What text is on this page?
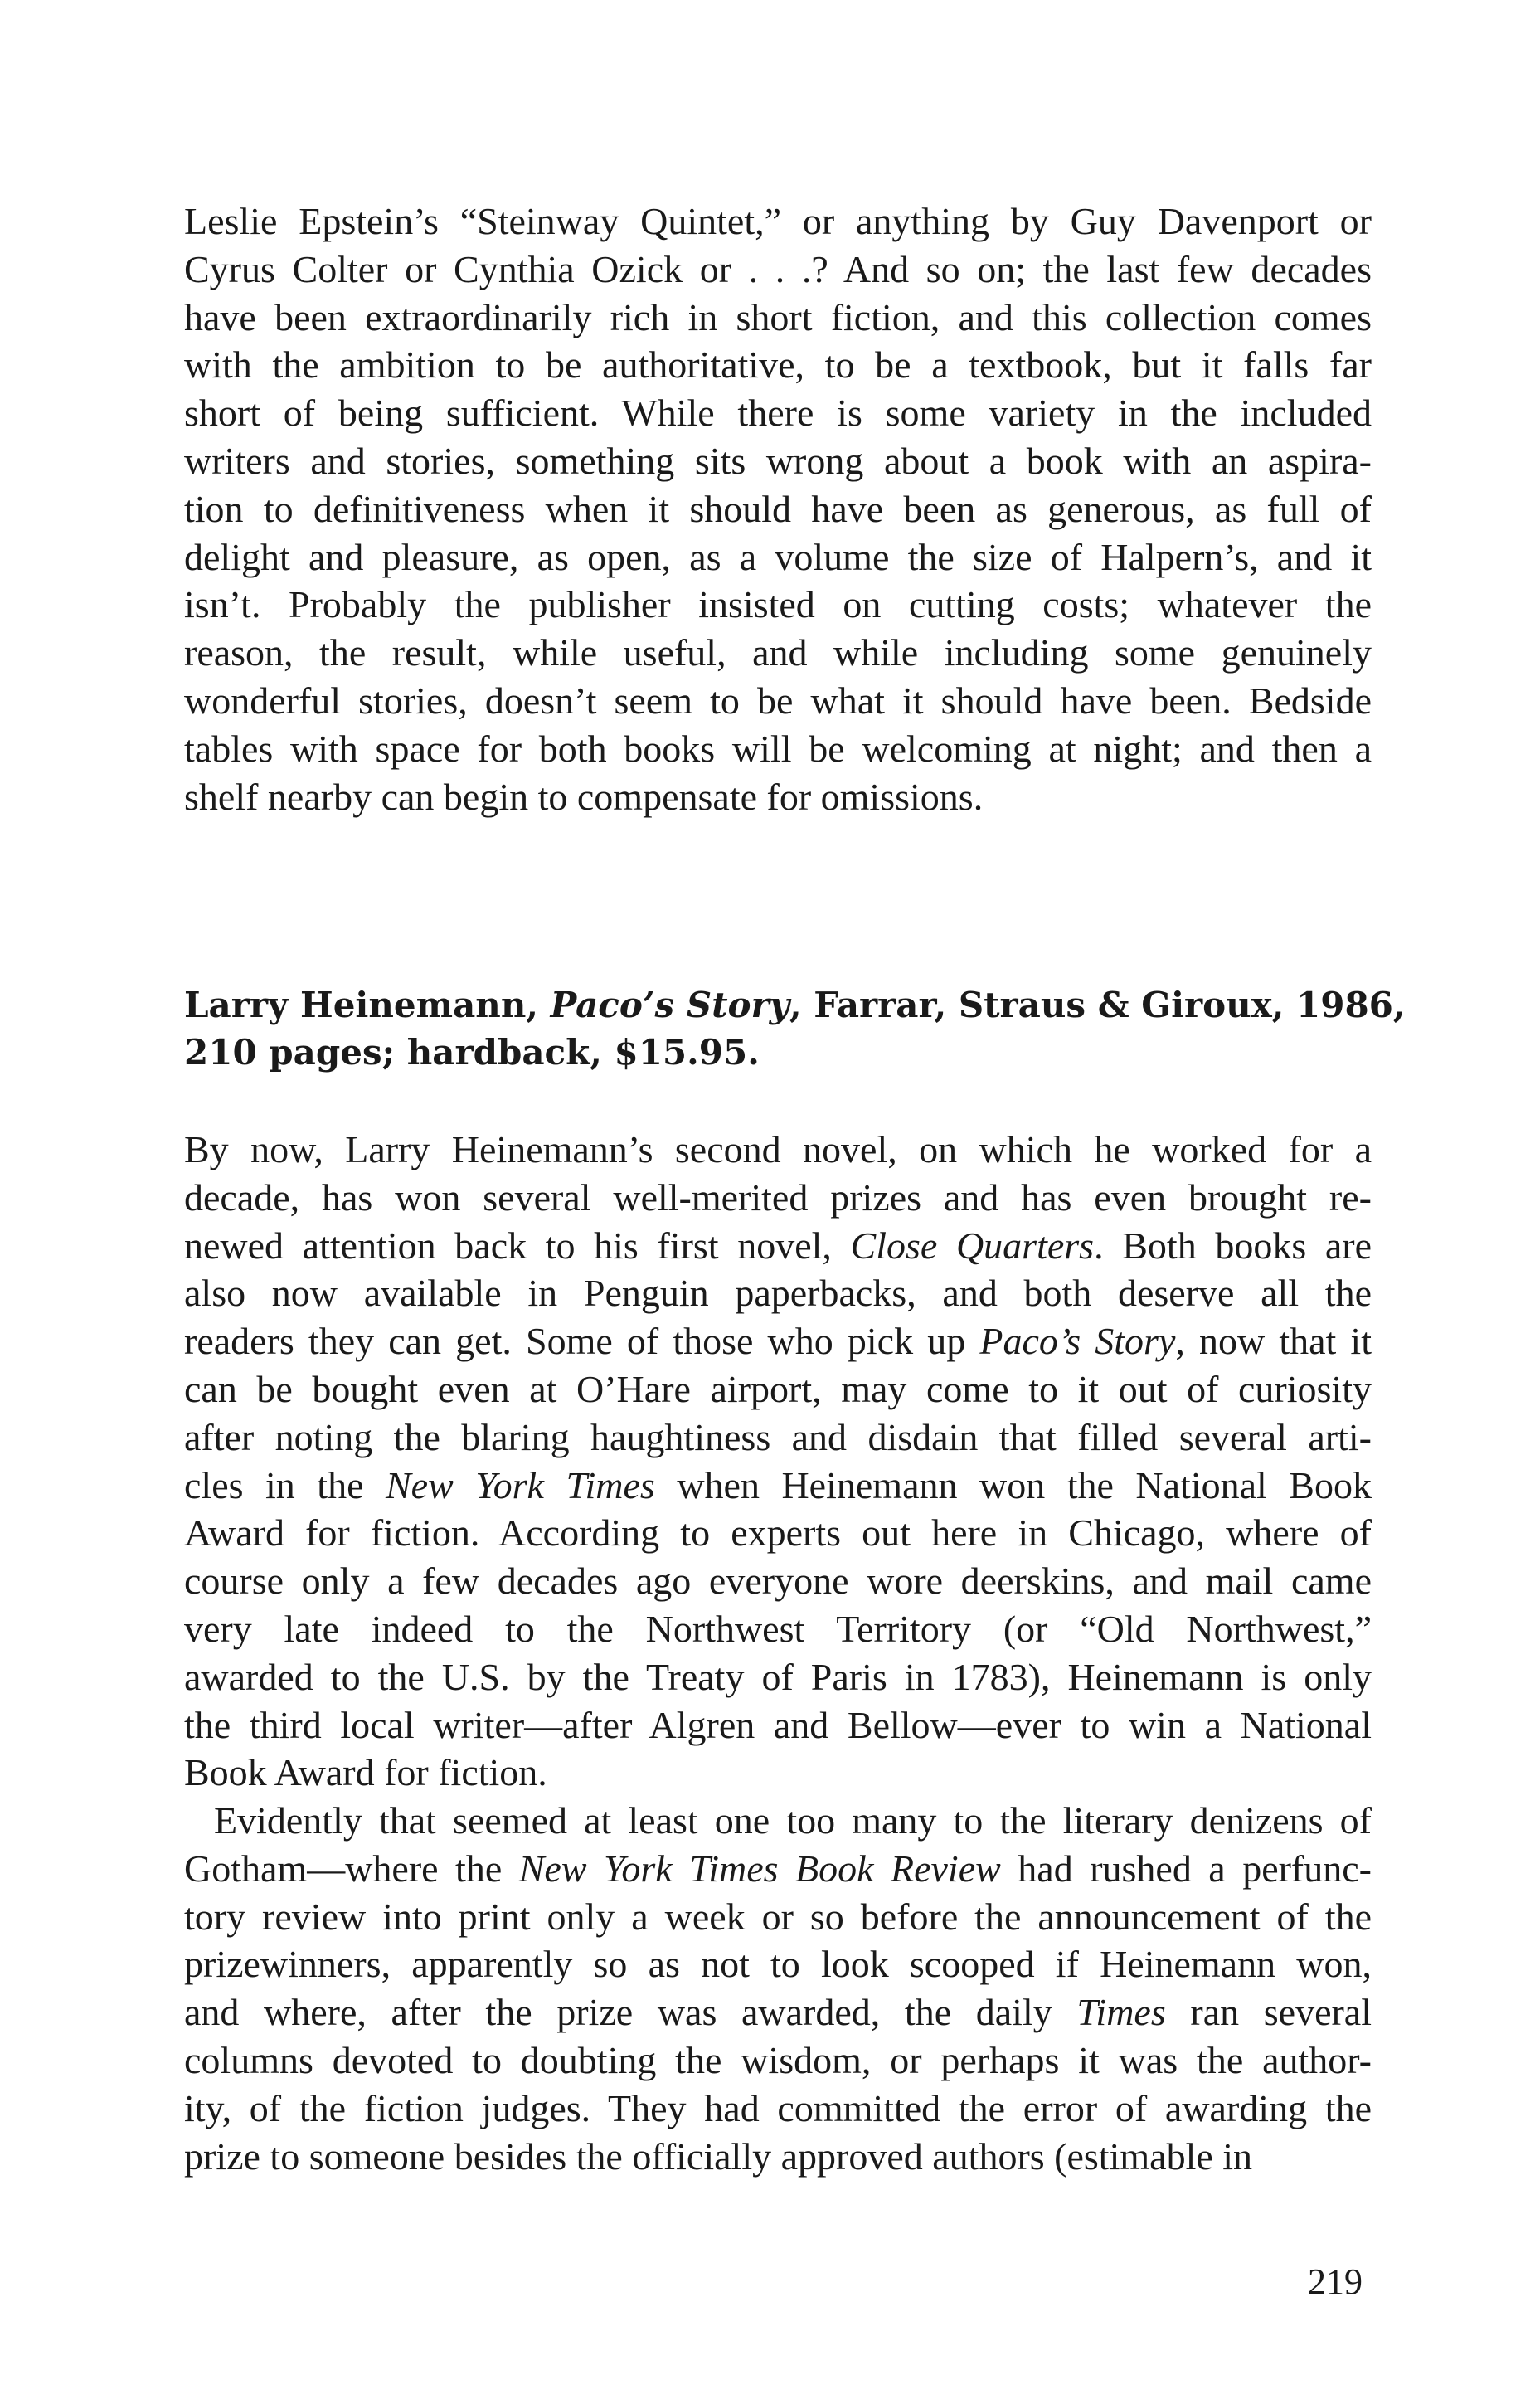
Leslie Epstein’s “Steinway Quintet,” or anything by Guy Davenport or
Cyrus Colter or Cynthia Ozick or . . .? And so on; the last few decades
have been extraordinarily rich in short fiction, and this collection comes
with the ambition to be authoritative, to be a textbook, but it falls far
short of being sufficient. While there is some variety in the included
writers and stories, something sits wrong about a book with an aspira-
tion to definitiveness when it should have been as generous, as full of
delight and pleasure, as open, as a volume the size of Halpern’s, and it
isn’t. Probably the publisher insisted on cutting costs; whatever the
reason, the result, while useful, and while including some genuinely
wonderful stories, doesn’t seem to be what it should have been. Bedside
tables with space for both books will be welcoming at night; and then a
shelf nearby can begin to compensate for omissions.
Larry Heinemann, Paco’s Story, Farrar, Straus & Giroux, 1986,
210 pages; hardback, $15.95.
By now, Larry Heinemann’s second novel, on which he worked for a
decade, has won several well-merited prizes and has even brought re-
newed attention back to his first novel, Close Quarters. Both books are
also now available in Penguin paperbacks, and both deserve all the
readers they can get. Some of those who pick up Paco’s Story, now that it
can be bought even at O’Hare airport, may come to it out of curiosity
after noting the blaring haughtiness and disdain that filled several arti-
cles in the New York Times when Heinemann won the National Book
Award for fiction. According to experts out here in Chicago, where of
course only a few decades ago everyone wore deerskins, and mail came
very late indeed to the Northwest Territory (or “Old Northwest,”
awarded to the U.S. by the Treaty of Paris in 1783), Heinemann is only
the third local writer—after Algren and Bellow—ever to win a National
Book Award for fiction.
Evidently that seemed at least one too many to the literary denizens of
Gotham—where the New York Times Book Review had rushed a perfunc-
tory review into print only a week or so before the announcement of the
prizewinners, apparently so as not to look scooped if Heinemann won,
and where, after the prize was awarded, the daily Times ran several
columns devoted to doubting the wisdom, or perhaps it was the author-
ity, of the fiction judges. They had committed the error of awarding the
prize to someone besides the officially approved authors (estimable in
219
